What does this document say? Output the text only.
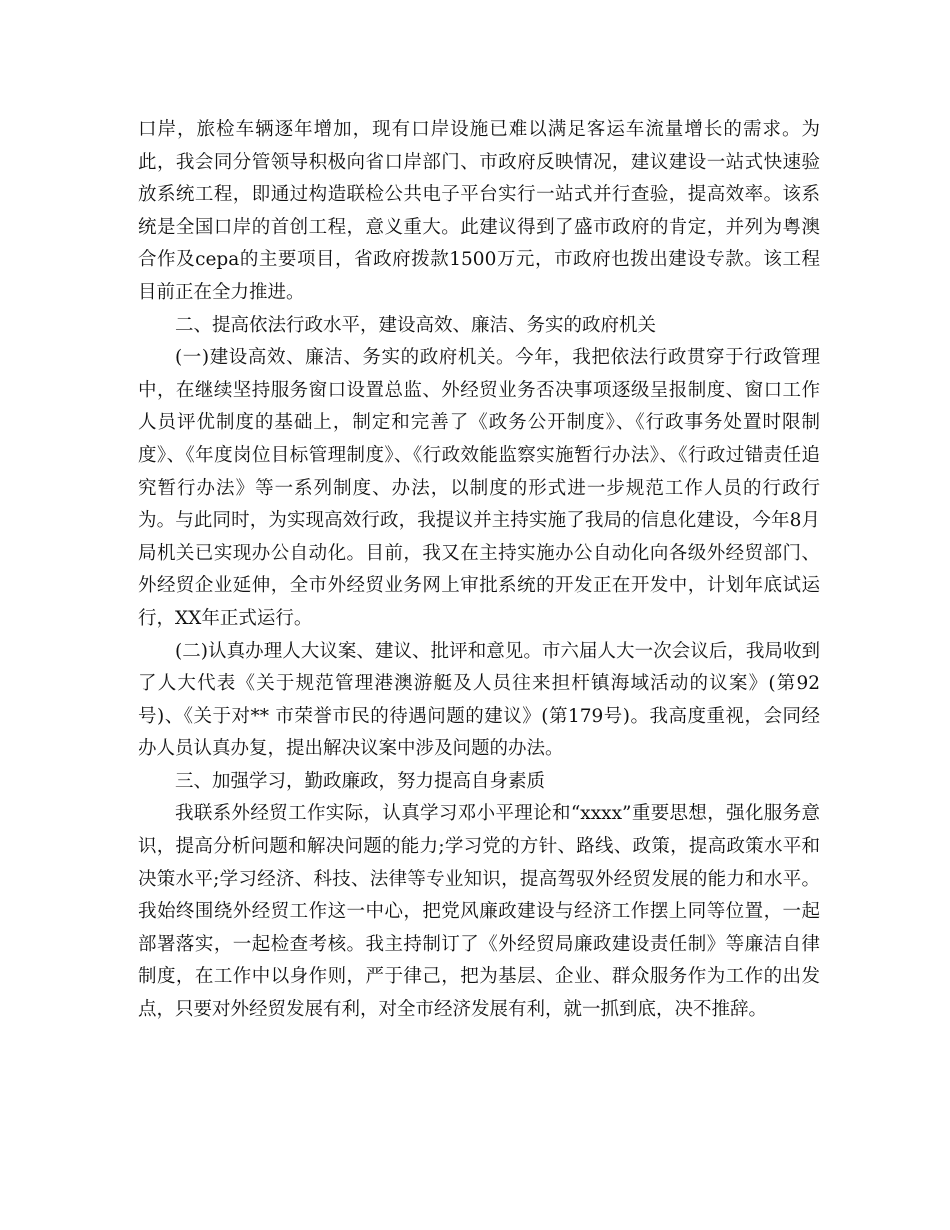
口岸，旅检车辆逐年增加，现有口岸设施已难以满足客运车流量增长的需求。为此，我会同分管领导积极向省口岸部门、市政府反映情况，建议建设一站式快速验放系统工程，即通过构造联检公共电子平台实行一站式并行查验，提高效率。该系统是全国口岸的首创工程，意义重大。此建议得到了盛市政府的肯定，并列为粤澳合作及cepa的主要项目，省政府拨款1500万元，市政府也拨出建设专款。该工程目前正在全力推进。

二、提高依法行政水平，建设高效、廉洁、务实的政府机关

(一)建设高效、廉洁、务实的政府机关。今年，我把依法行政贯穿于行政管理中，在继续坚持服务窗口设置总监、外经贸业务否决事项逐级呈报制度、窗口工作人员评优制度的基础上，制定和完善了《政务公开制度》、《行政事务处置时限制度》、《年度岗位目标管理制度》、《行政效能监察实施暂行办法》、《行政过错责任追究暂行办法》等一系列制度、办法，以制度的形式进一步规范工作人员的行政行为。与此同时，为实现高效行政，我提议并主持实施了我局的信息化建设，今年8月局机关已实现办公自动化。目前，我又在主持实施办公自动化向各级外经贸部门、外经贸企业延伸，全市外经贸业务网上审批系统的开发正在开发中，计划年底试运行，XX年正式运行。

(二)认真办理人大议案、建议、批评和意见。市六届人大一次会议后，我局收到了人大代表《关于规范管理港澳游艇及人员往来担杆镇海域活动的议案》(第92号)、《关于对** 市荣誉市民的待遇问题的建议》(第179号)。我高度重视，会同经办人员认真办复，提出解决议案中涉及问题的办法。

三、加强学习，勤政廉政，努力提高自身素质

我联系外经贸工作实际，认真学习邓小平理论和“xxxx”重要思想，强化服务意识，提高分析问题和解决问题的能力;学习党的方针、路线、政策，提高政策水平和决策水平;学习经济、科技、法律等专业知识，提高驾驭外经贸发展的能力和水平。我始终围绕外经贸工作这一中心，把党风廉政建设与经济工作摆上同等位置，一起部署落实，一起检查考核。我主持制订了《外经贸局廉政建设责任制》等廉洁自律制度，在工作中以身作则，严于律己，把为基层、企业、群众服务作为工作的出发点，只要对外经贸发展有利，对全市经济发展有利，就一抓到底，决不推辞。
